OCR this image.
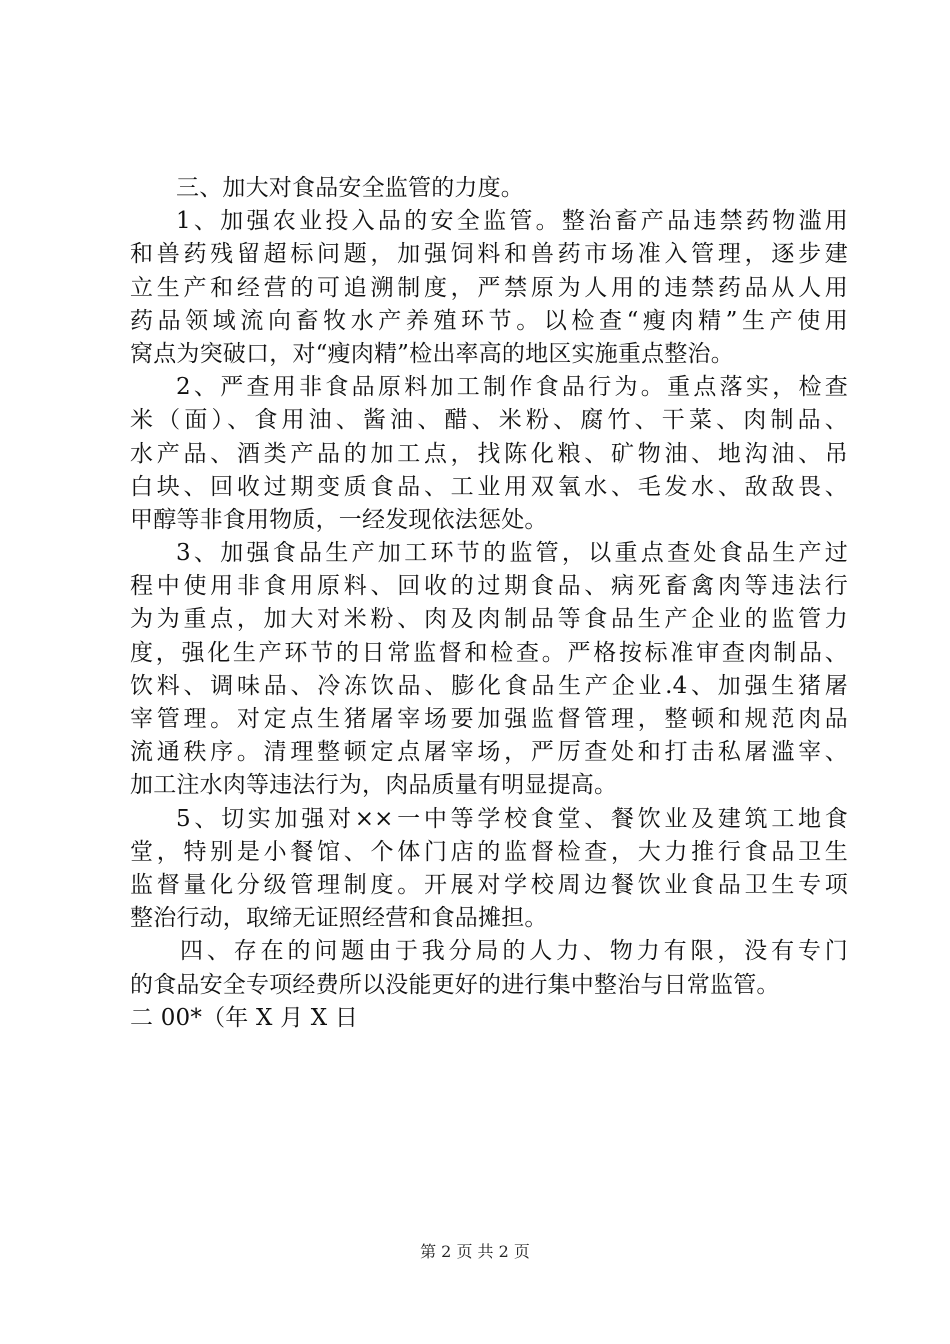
三、加大对食品安全监管的力度。
1、加强农业投入品的安全监管。整治畜产品违禁药物滥用
和兽药残留超标问题，加强饲料和兽药市场准入管理，逐步建
立生产和经营的可追溯制度，严禁原为人用的违禁药品从人用
药品领域流向畜牧水产养殖环节。以检查“瘦肉精”生产使用
窝点为突破口，对“瘦肉精”检出率高的地区实施重点整治。
2、严查用非食品原料加工制作食品行为。重点落实，检查
米（面）、食用油、酱油、醋、米粉、腐竹、干菜、肉制品、
水产品、酒类产品的加工点，找陈化粮、矿物油、地沟油、吊
白块、回收过期变质食品、工业用双氧水、毛发水、敌敌畏、
甲醇等非食用物质，一经发现依法惩处。
3、加强食品生产加工环节的监管，以重点查处食品生产过
程中使用非食用原料、回收的过期食品、病死畜禽肉等违法行
为为重点，加大对米粉、肉及肉制品等食品生产企业的监管力
度，强化生产环节的日常监督和检查。严格按标准审查肉制品、
饮料、调味品、冷冻饮品、膨化食品生产企业.4、加强生猪屠
宰管理。对定点生猪屠宰场要加强监督管理，整顿和规范肉品
流通秩序。清理整顿定点屠宰场，严厉查处和打击私屠滥宰、
加工注水肉等违法行为，肉品质量有明显提高。
5、切实加强对××一中等学校食堂、餐饮业及建筑工地食
堂，特别是小餐馆、个体门店的监督检查，大力推行食品卫生
监督量化分级管理制度。开展对学校周边餐饮业食品卫生专项
整治行动，取缔无证照经营和食品摊担。
四、存在的问题由于我分局的人力、物力有限，没有专门
的食品安全专项经费所以没能更好的进行集中整治与日常监管。
二 00*（年 X 月 X 日
第 2 页 共 2 页
